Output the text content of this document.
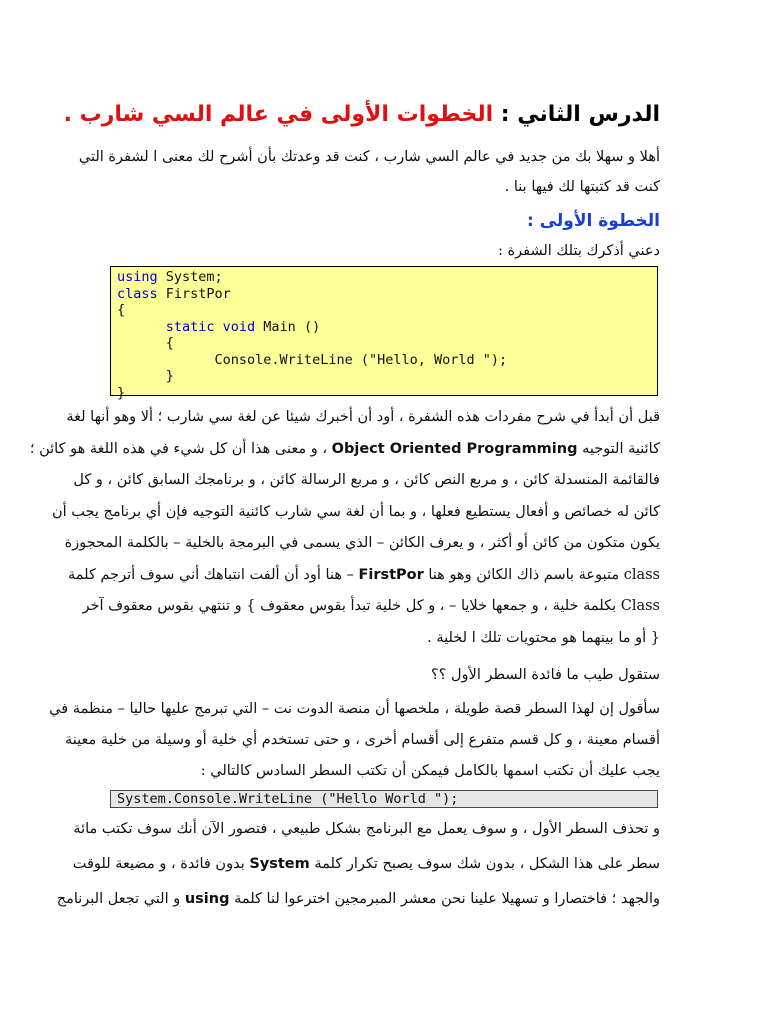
الدرس الثاني : الخطوات الأولى في عالم السي شارب .
أهلا و سهلا بك من جديد في عالم السي شارب ، كنت قد وعدتك بأن أشرح لك معنى ا لشفرة التي
كنت قد كتبتها لك فيها بنا .
الخطوة الأولى :
دعني أذكرك بتلك الشفرة :
using System;
class FirstPor
{
static void Main ()
{
Console.WriteLine ("Hello, World ");
}
}
قبل أن أبدأ في شرح مفردات هذه الشفرة ، أود أن أخبرك شيئا عن لغة سي شارب ؛ ألا وهو أنها لغة
كائنية التوجيه Object Oriented Programming ، و معنى هذا أن كل شيء في هذه اللغة هو كائن ؛
فالقائمة المنسدلة كائن ، و مربع النص كائن ، و مربع الرسالة كائن ، و برنامجك السابق كائن ، و كل
كائن له خصائص و أفعال يستطيع فعلها ، و بما أن لغة سي شارب كائنية التوجيه فإن أي برنامج يجب أن
يكون متكون من كائن أو أكثر ، و يعرف الكائن – الذي يسمى في البرمجة بالخلية – بالكلمة المحجوزة
class متبوعة باسم ذاك الكائن وهو هنا FirstPor – هنا أود أن ألفت انتباهك أني سوف أترجم كلمة
Class بكلمة خلية ، و جمعها خلايا – ، و كل خلية تبدأ بقوس معقوف } و تنتهي بقوس معقوف آخر
{ أو ما بينهما هو محتويات تلك ا لخلية .
ستقول طيب ما فائدة السطر الأول ؟؟
سأقول إن لهذا السطر قصة طويلة ، ملخصها أن منصة الدوت نت – التي تبرمج عليها حاليا – منظمة في
أقسام معينة ، و كل قسم متفرع إلى أقسام أخرى ، و حتى تستخدم أي خلية أو وسيلة من خلية معينة
يجب عليك أن تكتب اسمها بالكامل فيمكن أن تكتب السطر السادس كالتالي :
System.Console.WriteLine ("Hello World ");
و تحذف السطر الأول ، و سوف يعمل مع البرنامج بشكل طبيعي ، فتصور الآن أنك سوف تكتب مائة
سطر على هذا الشكل ، بدون شك سوف يصبح تكرار كلمة System بدون فائدة ، و مضيعة للوقت
والجهد ؛ فاختصارا و تسهيلا علينا نحن معشر المبرمجين اخترعوا لنا كلمة using و التي تجعل البرنامج
